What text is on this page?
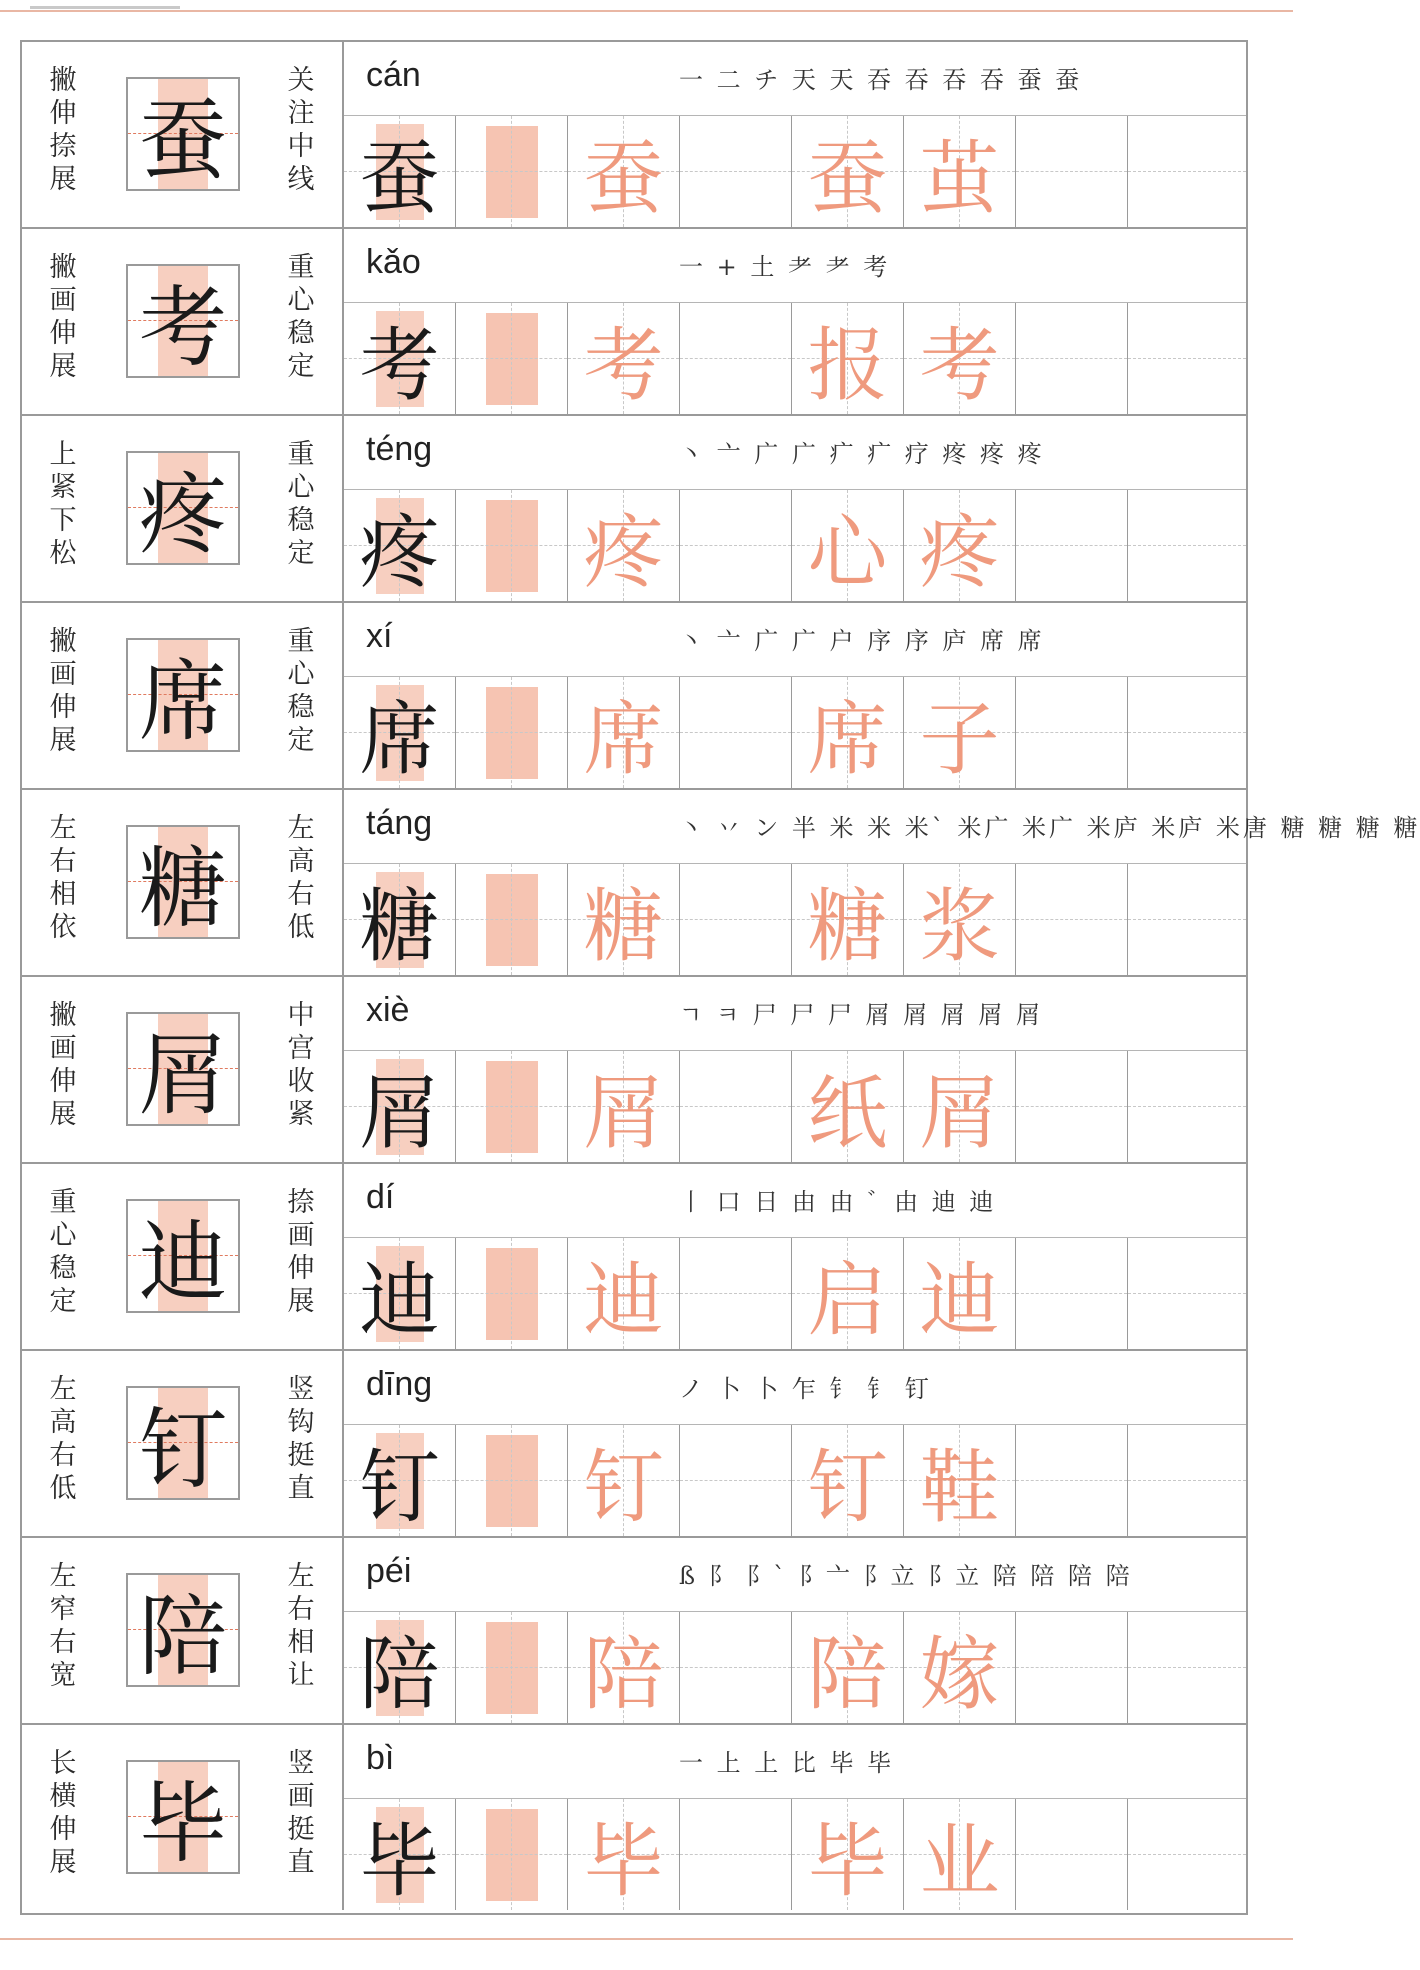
撇
伸
捺
展 蚕
关
注
中
线
cán	一 二 チ 天 天 吞 吞 吞 吞 蚕 蚕
蚕 蚕 蚕 茧
撇
画
伸
展 考
重
心
稳
定
kǎo	一 + 土 耂 耂 考
考 考 报 考
上
紧
下
松 疼
重
心
稳
定
téng	丶 亠 广 广 疒 疒 疗 疼 疼 疼
疼 疼 心 疼
撇
画
伸
展 席
重
心
稳
定
xí	丶 亠 广 广 户 序 序 庐 席 席
席 席 席 子
左
右
相
依 糖
左
高
右
低
táng	丶 丷 ン 半 米 米 米` 米广 米广 米庐 米庐 米唐 糖 糖 糖 糖
糖 糖 糖 浆
撇
画
伸
展 屑
中
宫
收
紧
xiè	ㄱ ㅋ 尸 尸 尸 屑 屑 屑 屑 屑
屑 屑 纸 屑
重
心
稳
定 迪
捺
画
伸
展
dí	丨 口 日 由 由 ゛由 迪 迪
迪 迪 启 迪
左
高
右
低 钉
竖
钩
挺
直
dīng	ノ 卜 卜 乍 钅 钅 钉
钉 钉 钉 鞋
左
窄
右
宽 陪
左
右
相
让
péi	ß 阝 阝` 阝亠 阝立 阝立 陪 陪 陪 陪
陪 陪 陪 嫁
长
横
伸
展 毕
竖
画
挺
直
bì	一 上 上 比 毕 毕
毕 毕 毕 业
